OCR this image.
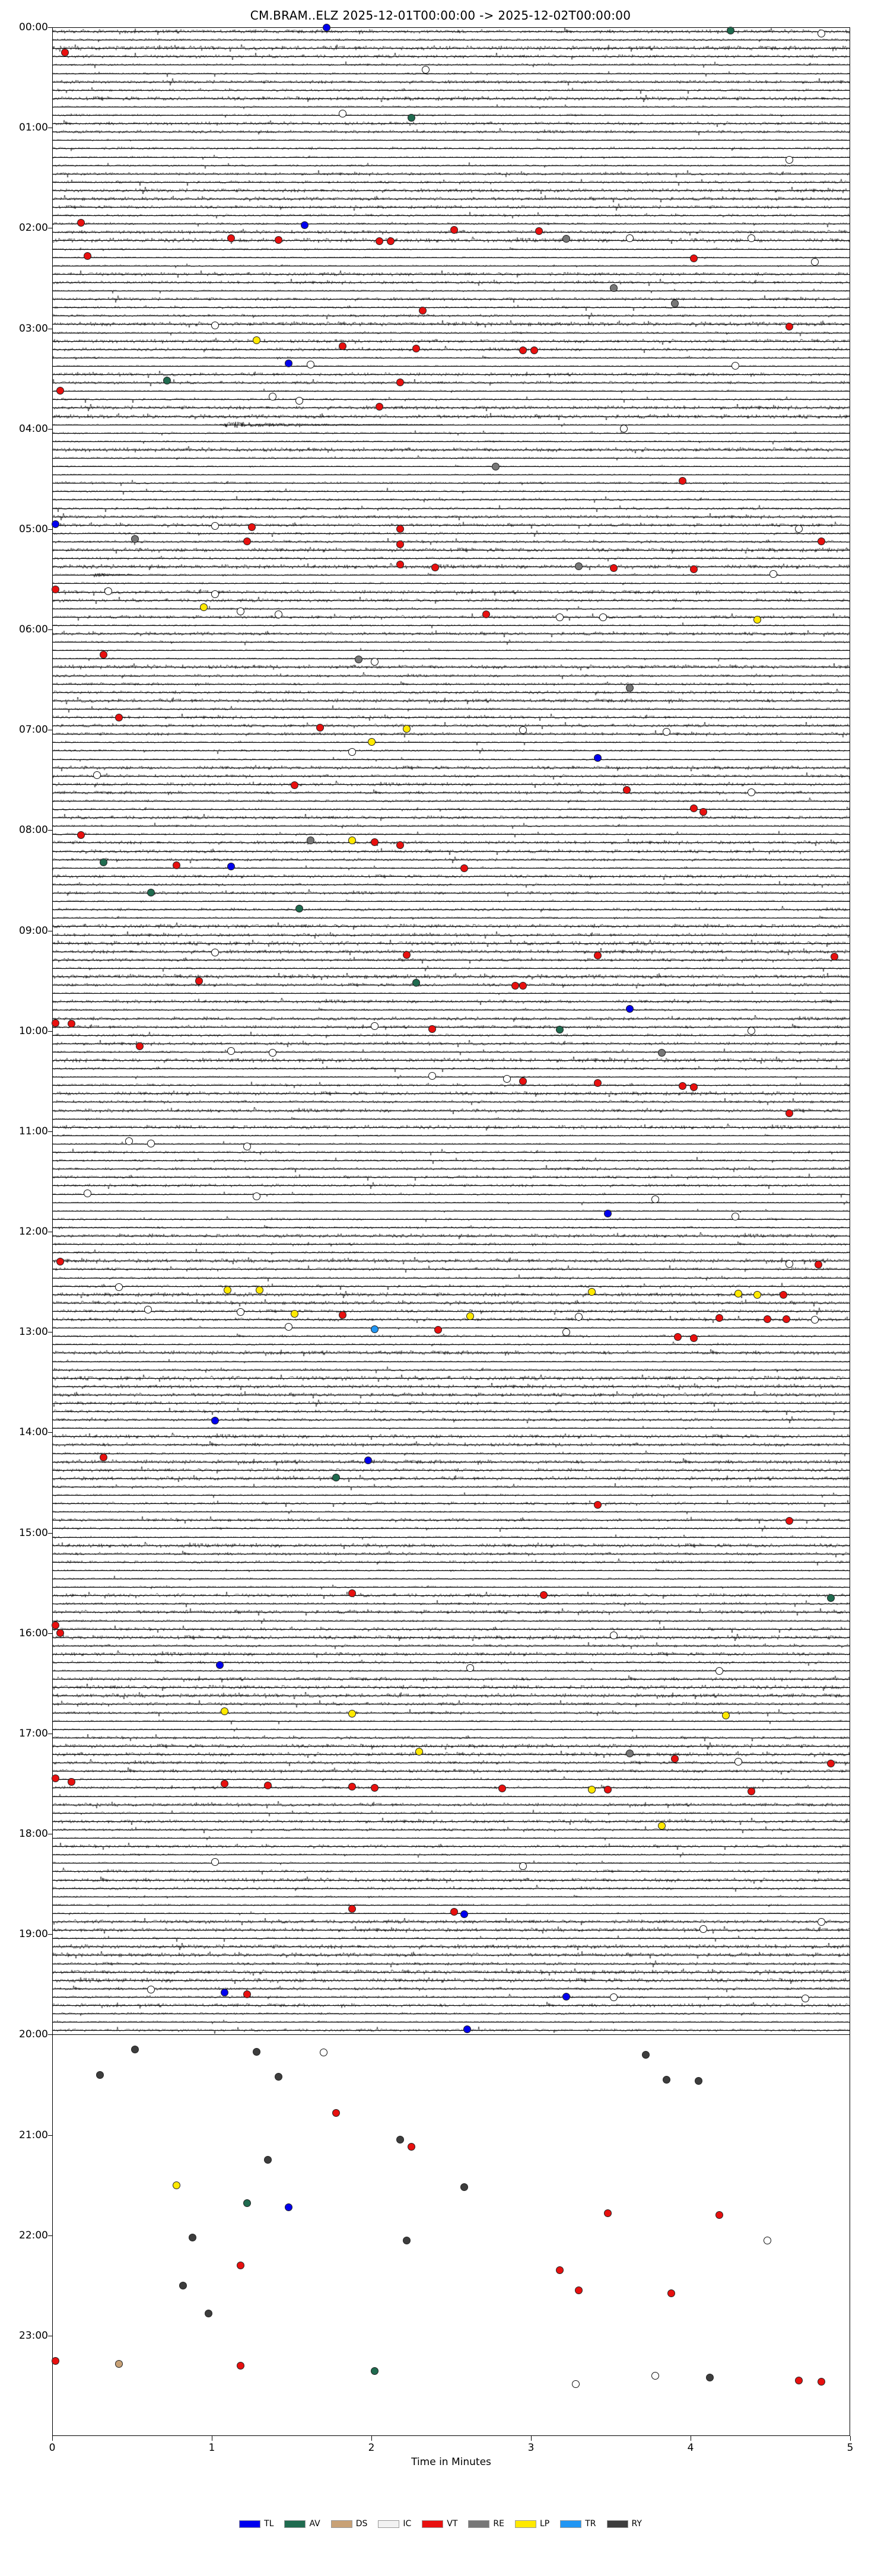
CM.BRAM..ELZ 2025-12-01T00:00:00 -> 2025-12-02T00:00:00
00:00
01:00
02:00
03:00
04:00
05:00
06:00
07:00
08:00
09:00
10:00
11:00
12:00
13:00
14:00
15:00
16:00
17:00
18:00
19:00
20:00
21:00
22:00
23:00
0	1	2	3	4	5
Time in Minutes
TL	AV	DS	IC	VT	RE	LP	TR	RY
